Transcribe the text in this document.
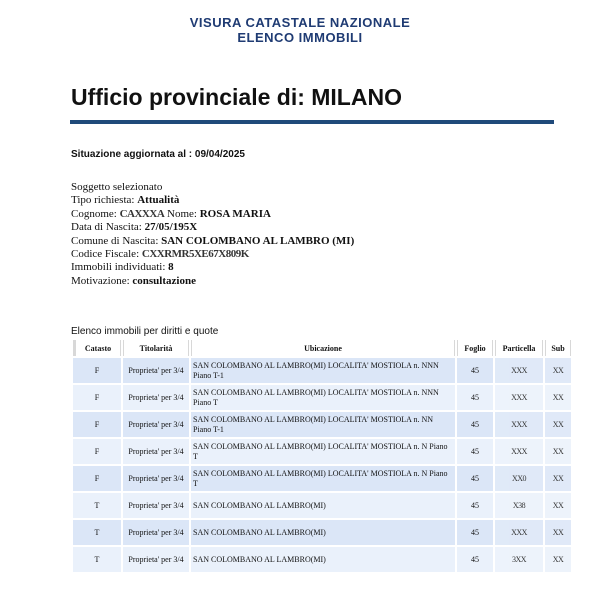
VISURA CATASTALE NAZIONALE
ELENCO IMMOBILI
Ufficio provinciale di: MILANO
Situazione aggiornata al : 09/04/2025
Soggetto selezionato
Tipo richiesta: Attualità
Cognome: CAXXXA Nome: ROSA MARIA
Data di Nascita: 27/05/195X
Comune di Nascita: SAN COLOMBANO AL LAMBRO (MI)
Codice Fiscale: CXXRMR5XE67X809K
Immobili individuati: 8
Motivazione: consultazione
Elenco immobili per diritti e quote
Catasto	Titolarità	Ubicazione	Foglio	Particella	Sub
F	Proprieta' per 3/4	SAN COLOMBANO AL LAMBRO(MI) LOCALITA' MOSTIOLA n. NNN Piano T-1	45	XXX	XX
F	Proprieta' per 3/4	SAN COLOMBANO AL LAMBRO(MI) LOCALITA' MOSTIOLA n. NNN Piano T	45	XXX	XX
F	Proprieta' per 3/4	SAN COLOMBANO AL LAMBRO(MI) LOCALITA' MOSTIOLA n. NN Piano T-1	45	XXX	XX
F	Proprieta' per 3/4	SAN COLOMBANO AL LAMBRO(MI) LOCALITA' MOSTIOLA n. N Piano T	45	XXX	XX
F	Proprieta' per 3/4	SAN COLOMBANO AL LAMBRO(MI) LOCALITA' MOSTIOLA n. N Piano T	45	XX0	XX
T	Proprieta' per 3/4	SAN COLOMBANO AL LAMBRO(MI)	45	X38	XX
T	Proprieta' per 3/4	SAN COLOMBANO AL LAMBRO(MI)	45	XXX	XX
T	Proprieta' per 3/4	SAN COLOMBANO AL LAMBRO(MI)	45	3XX	XX
